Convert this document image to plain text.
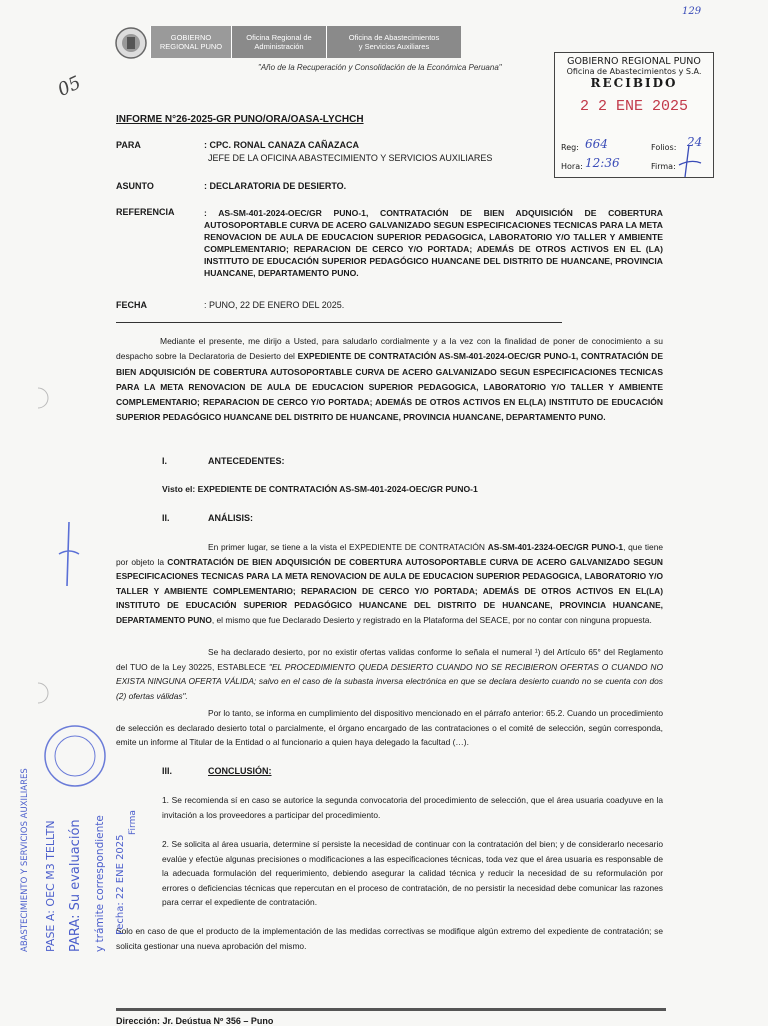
GOBIERNO
REGIONAL PUNO
Oficina Regional de
Administración
Oficina de Abastecimientos
y Servicios Auxiliares
"Año de la Recuperación y Consolidación de la Económica Peruana"
129
05
GOBIERNO REGIONAL PUNO
Oficina de Abastecimientos y S.A.
RECIBIDO
2 2 ENE 2025
Reg: 664	Folios: 24
Hora: 12:36	Firma:
INFORME N°26-2025-GR PUNO/ORA/OASA-LYCHCH
PARA	: CPC. RONAL CANAZA CAÑAZACA
JEFE DE LA OFICINA ABASTECIMIENTO Y SERVICIOS AUXILIARES
ASUNTO	: DECLARATORIA DE DESIERTO.
REFERENCIA	: AS-SM-401-2024-OEC/GR PUNO-1, CONTRATACIÓN DE BIEN ADQUISICIÓN DE COBERTURA AUTOSOPORTABLE CURVA DE ACERO GALVANIZADO SEGUN ESPECIFICACIONES TECNICAS PARA LA META RENOVACION DE AULA DE EDUCACION SUPERIOR PEDAGOGICA, LABORATORIO Y/O TALLER Y AMBIENTE COMPLEMENTARIO; REPARACION DE CERCO Y/O PORTADA; ADEMÁS DE OTROS ACTIVOS EN EL (LA) INSTITUTO DE EDUCACIÓN SUPERIOR PEDAGÓGICO HUANCANE DEL DISTRITO DE HUANCANE, PROVINCIA HUANCANE, DEPARTAMENTO PUNO.
FECHA	: PUNO, 22 DE ENERO DEL 2025.
Mediante el presente, me dirijo a Usted, para saludarlo cordialmente y a la vez con la finalidad de poner de conocimiento a su despacho sobre la Declaratoria de Desierto del EXPEDIENTE DE CONTRATACIÓN AS-SM-401-2024-OEC/GR PUNO-1, CONTRATACIÓN DE BIEN ADQUISICIÓN DE COBERTURA AUTOSOPORTABLE CURVA DE ACERO GALVANIZADO SEGUN ESPECIFICACIONES TECNICAS PARA LA META RENOVACION DE AULA DE EDUCACION SUPERIOR PEDAGOGICA, LABORATORIO Y/O TALLER Y AMBIENTE COMPLEMENTARIO; REPARACION DE CERCO Y/O PORTADA; ADEMÁS DE OTROS ACTIVOS EN EL(LA) INSTITUTO DE EDUCACIÓN SUPERIOR PEDAGÓGICO HUANCANE DEL DISTRITO DE HUANCANE, PROVINCIA HUANCANE, DEPARTAMENTO PUNO.
I.	ANTECEDENTES:
Visto el: EXPEDIENTE DE CONTRATACIÓN AS-SM-401-2024-OEC/GR PUNO-1
II.	ANÁLISIS:
En primer lugar, se tiene a la vista el EXPEDIENTE DE CONTRATACIÓN AS-SM-401-2324-OEC/GR PUNO-1, que tiene por objeto la CONTRATACIÓN DE BIEN ADQUISICIÓN DE COBERTURA AUTOSOPORTABLE CURVA DE ACERO GALVANIZADO SEGUN ESPECIFICACIONES TECNICAS PARA LA META RENOVACION DE AULA DE EDUCACION SUPERIOR PEDAGOGICA, LABORATORIO Y/O TALLER Y AMBIENTE COMPLEMENTARIO; REPARACION DE CERCO Y/O PORTADA; ADEMÁS DE OTROS ACTIVOS EN EL(LA) INSTITUTO DE EDUCACIÓN SUPERIOR PEDAGÓGICO HUANCANE DEL DISTRITO DE HUANCANE, PROVINCIA HUANCANE, DEPARTAMENTO PUNO, el mismo que fue Declarado Desierto y registrado en la Plataforma del SEACE, por no contar con ninguna propuesta.
Se ha declarado desierto, por no existir ofertas validas conforme lo señala el numeral ¹) del Artículo 65° del Reglamento del TUO de la Ley 30225, ESTABLECE "EL PROCEDIMIENTO QUEDA DESIERTO CUANDO NO SE RECIBIERON OFERTAS O CUANDO NO EXISTA NINGUNA OFERTA VÁLIDA; salvo en el caso de la subasta inversa electrónica en que se declara desierto cuando no se cuenta con dos (2) ofertas válidas".
Por lo tanto, se informa en cumplimiento del dispositivo mencionado en el párrafo anterior: 65.2. Cuando un procedimiento de selección es declarado desierto total o parcialmente, el órgano encargado de las contrataciones o el comité de selección, según corresponda, emite un informe al Titular de la Entidad o al funcionario a quien haya delegado la facultad (…).
III.	CONCLUSIÓN:
1. Se recomienda sí en caso se autorice la segunda convocatoria del procedimiento de selección, que el área usuaria coadyuve en la invitación a los proveedores a participar del procedimiento.
2. Se solicita al área usuaria, determine sí persiste la necesidad de continuar con la contratación del bien; y de considerarlo necesario evalúe y efectúe algunas precisiones o modificaciones a las especificaciones técnicas, toda vez que el área usuaria es responsable de la adecuada formulación del requerimiento, debiendo asegurar la calidad técnica y reducir la necesidad de su reformulación por errores o deficiencias técnicas que repercutan en el proceso de contratación, de no persistir la necesidad debe comunicar las razones para cerrar el expediente de contratación.
Solo en caso de que el producto de la implementación de las medidas correctivas se modifique algún extremo del expediente de contratación; se solicita gestionar una nueva aprobación del mismo.
Dirección: Jr. Deústua Nº 356 – Puno
ABASTECIMIENTO Y SERVICIOS AUXILIARES PASE A: OEC M3 TELLTN PARA: Su evaluación y trámite correspondiente Fecha: 22 ENE 2025
Firma
